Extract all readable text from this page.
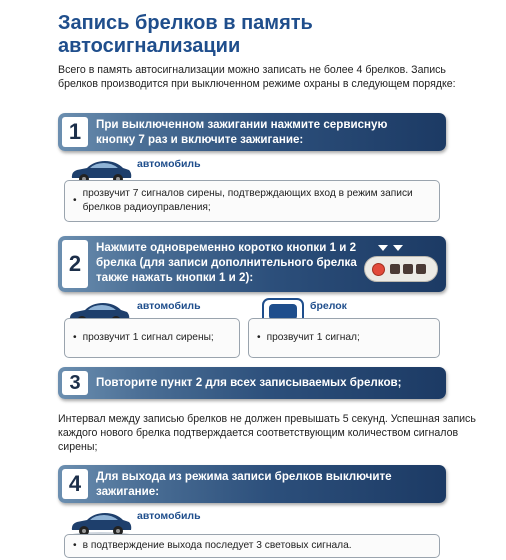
Запись брелков в память автосигнализации
Всего в память автосигнализации можно записать не более 4 брелков. Запись брелков производится при выключенном режиме охраны в следующем порядке:
1	При выключенном зажигании нажмите сервисную кнопку 7 раз и включите зажигание:
автомобиль
•
прозвучит 7 сигналов сирены, подтверждающих вход в режим записи брелков радиоуправления;
2
Нажмите одновременно коротко кнопки 1 и 2 брелка (для записи дополнительного брелка также нажать кнопки 1 и 2):
автомобиль
• прозвучит 1 сигнал сирены;
брелок
• прозвучит 1 сигнал;
3	Повторите пункт 2 для всех записываемых брелков;
Интервал между записью брелков не должен превышать 5 секунд. Успешная запись каждого нового брелка подтверждается соответствующим количеством сигналов сирены;
4	Для выхода из режима записи брелков выключите зажигание:
автомобиль
• в подтверждение выхода последует 3 световых сигнала.
